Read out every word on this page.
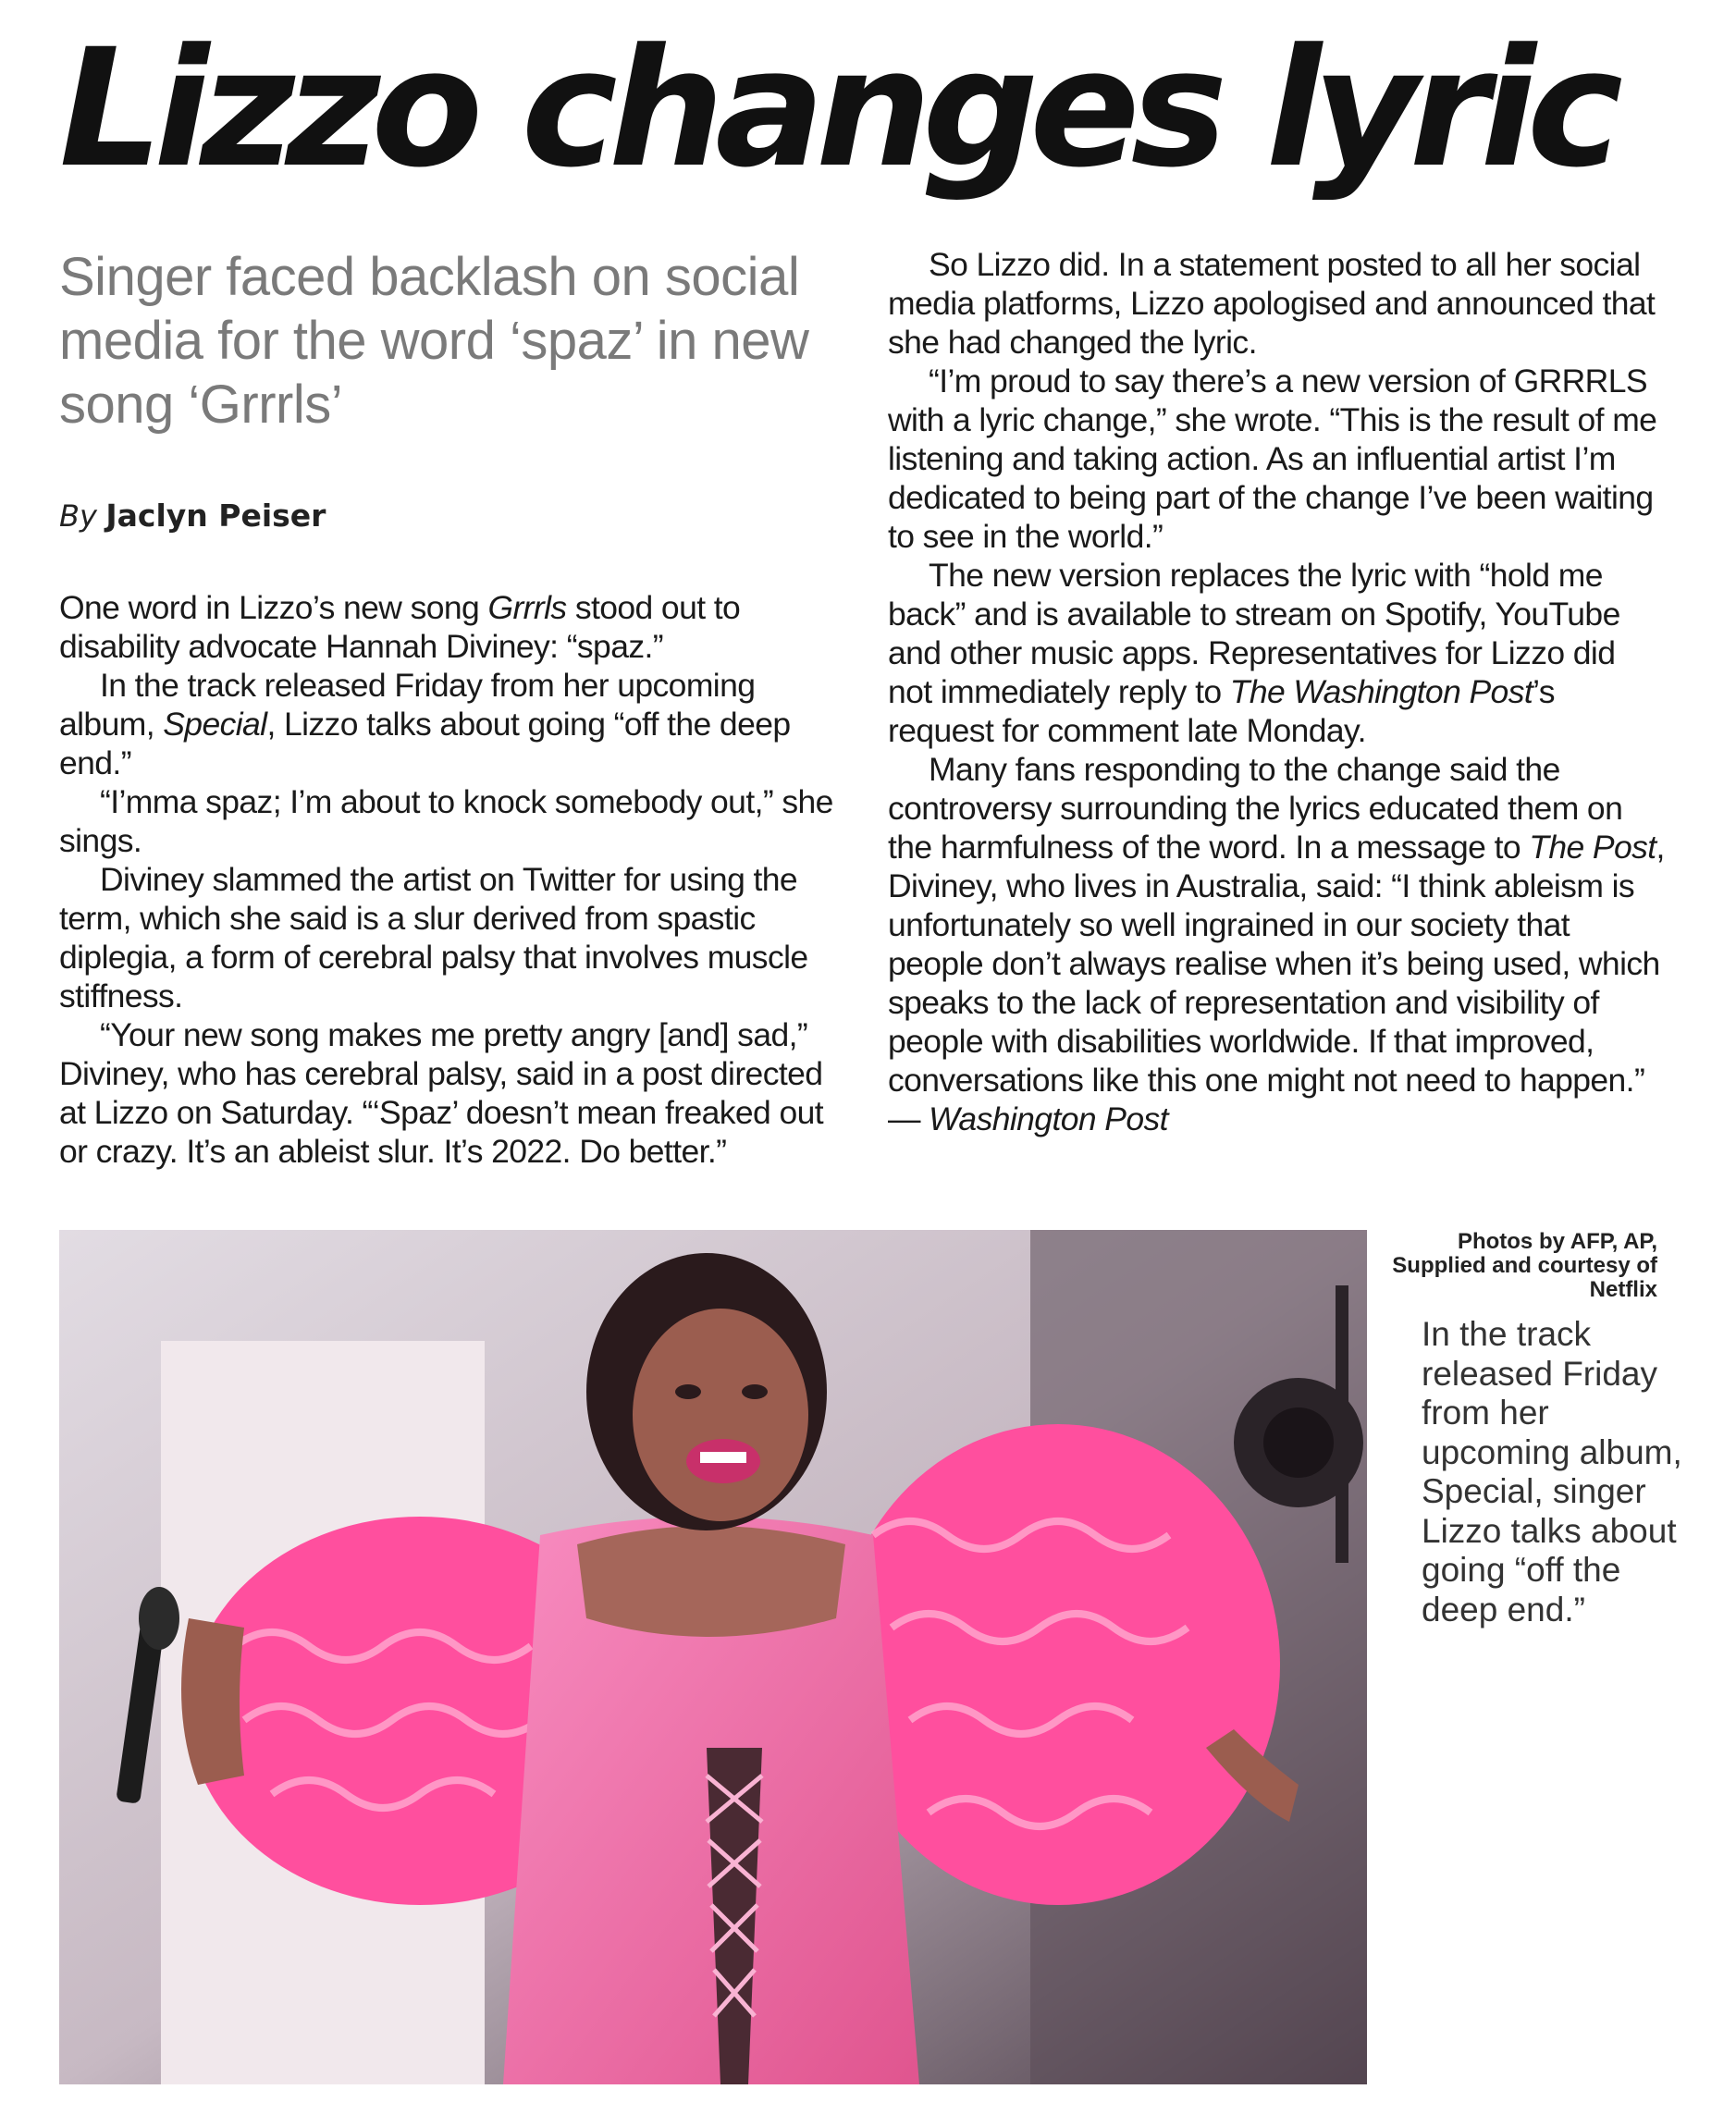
Lizzo changes lyric

Singer faced backlash on social media for the word ‘spaz’ in new song ‘Grrrls’

By Jaclyn Peiser

One word in Lizzo’s new song Grrrls stood out to disability advocate Hannah Diviney: “spaz.”

In the track released Friday from her upcoming album, Special, Lizzo talks about going “off the deep end.”

“I’mma spaz; I’m about to knock somebody out,” she sings.

Diviney slammed the artist on Twitter for using the term, which she said is a slur derived from spastic diplegia, a form of cerebral palsy that involves muscle stiffness.

“Your new song makes me pretty angry [and] sad,” Diviney, who has cerebral palsy, said in a post directed at Lizzo on Saturday. “‘Spaz’ doesn’t mean freaked out or crazy. It’s an ableist slur. It’s 2022. Do better.”

So Lizzo did. In a statement posted to all her social media platforms, Lizzo apologised and announced that she had changed the lyric.

“I’m proud to say there’s a new version of GRRRLS with a lyric change,” she wrote. “This is the result of me listening and taking action. As an influential artist I’m dedicated to being part of the change I’ve been waiting to see in the world.”

The new version replaces the lyric with “hold me back” and is available to stream on Spotify, YouTube and other music apps. Representatives for Lizzo did not immediately reply to The Washington Post’s request for comment late Monday.

Many fans responding to the change said the controversy surrounding the lyrics educated them on the harmfulness of the word. In a message to The Post, Diviney, who lives in Australia, said: “I think ableism is unfortunately so well ingrained in our society that people don’t always realise when it’s being used, which speaks to the lack of representation and visibility of people with disabilities worldwide. If that improved, conversations like this one might not need to happen.” — Washington Post

Photos by AFP, AP, Supplied and courtesy of Netflix
In the track released Friday from her upcoming album, Special, singer Lizzo talks about going “off the deep end.”
